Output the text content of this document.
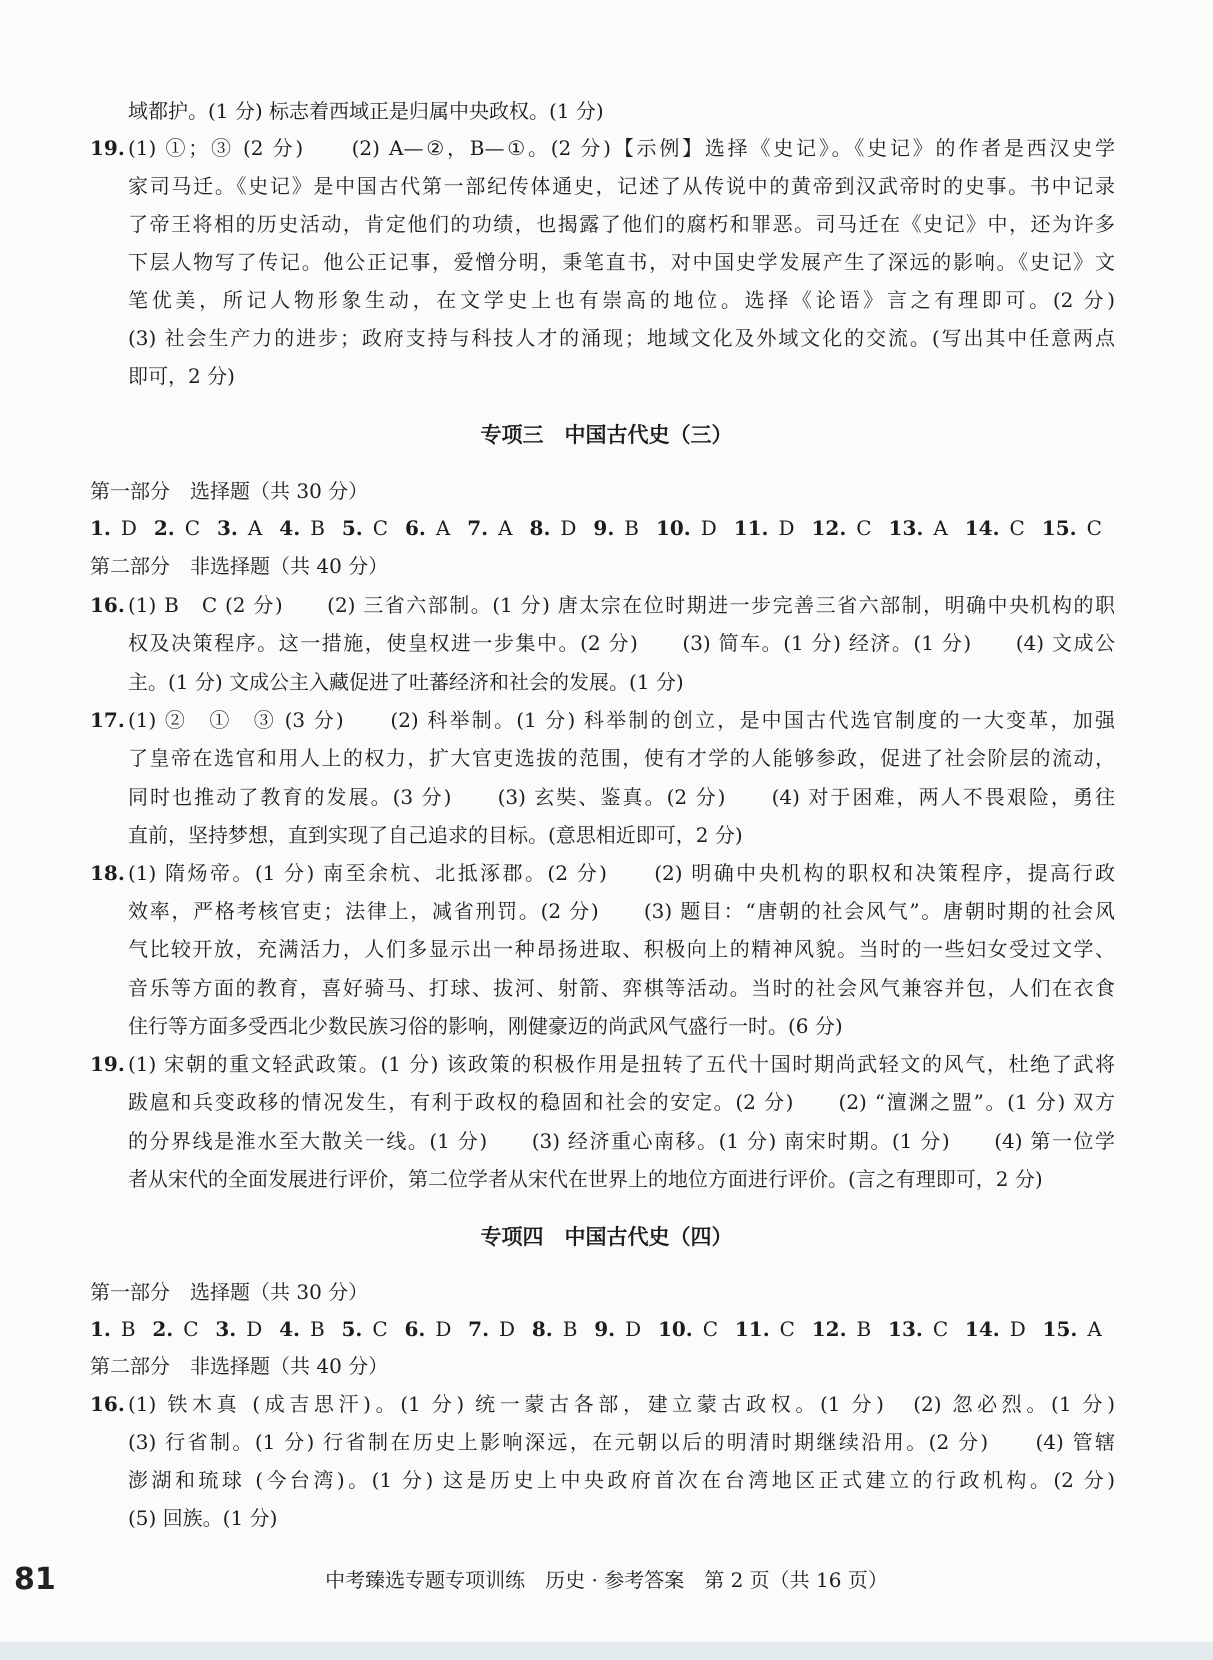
域都护。(1 分) 标志着西域正是归属中央政权。(1 分)
19. (1) ①；③ (2 分)　　(2) A—②，B—①。(2 分)【示例】选择《史记》。《史记》的作者是西汉史学
家司马迁。《史记》是中国古代第一部纪传体通史，记述了从传说中的黄帝到汉武帝时的史事。书中记录
了帝王将相的历史活动，肯定他们的功绩，也揭露了他们的腐朽和罪恶。司马迁在《史记》中，还为许多
下层人物写了传记。他公正记事，爱憎分明，秉笔直书，对中国史学发展产生了深远的影响。《史记》文
笔优美，所记人物形象生动，在文学史上也有崇高的地位。选择《论语》言之有理即可。(2 分)
(3) 社会生产力的进步；政府支持与科技人才的涌现；地域文化及外域文化的交流。(写出其中任意两点
即可，2 分)
专项三　中国古代史（三）
第一部分　选择题（共 30 分）
1. D 2. C 3. A 4. B 5. C 6. A 7. A 8. D 9. B 10. D 11. D 12. C 13. A 14. C 15. C
第二部分　非选择题（共 40 分）
16. (1) B　C (2 分)　　(2) 三省六部制。(1 分) 唐太宗在位时期进一步完善三省六部制，明确中央机构的职
权及决策程序。这一措施，使皇权进一步集中。(2 分)　　(3) 简车。(1 分) 经济。(1 分)　　(4) 文成公
主。(1 分) 文成公主入藏促进了吐蕃经济和社会的发展。(1 分)
17. (1) ②　①　③ (3 分)　　(2) 科举制。(1 分) 科举制的创立，是中国古代选官制度的一大变革，加强
了皇帝在选官和用人上的权力，扩大官吏选拔的范围，使有才学的人能够参政，促进了社会阶层的流动，
同时也推动了教育的发展。(3 分)　　(3) 玄奘、鉴真。(2 分)　　(4) 对于困难，两人不畏艰险，勇往
直前，坚持梦想，直到实现了自己追求的目标。(意思相近即可，2 分)
18. (1) 隋炀帝。(1 分) 南至余杭、北抵涿郡。(2 分)　　(2) 明确中央机构的职权和决策程序，提高行政
效率，严格考核官吏；法律上，减省刑罚。(2 分)　　(3) 题目：“唐朝的社会风气”。唐朝时期的社会风
气比较开放，充满活力，人们多显示出一种昂扬进取、积极向上的精神风貌。当时的一些妇女受过文学、
音乐等方面的教育，喜好骑马、打球、拔河、射箭、弈棋等活动。当时的社会风气兼容并包，人们在衣食
住行等方面多受西北少数民族习俗的影响，刚健豪迈的尚武风气盛行一时。(6 分)
19. (1) 宋朝的重文轻武政策。(1 分) 该政策的积极作用是扭转了五代十国时期尚武轻文的风气，杜绝了武将
跋扈和兵变政移的情况发生，有利于政权的稳固和社会的安定。(2 分)　　(2) “澶渊之盟”。(1 分) 双方
的分界线是淮水至大散关一线。(1 分)　　(3) 经济重心南移。(1 分) 南宋时期。(1 分)　　(4) 第一位学
者从宋代的全面发展进行评价，第二位学者从宋代在世界上的地位方面进行评价。(言之有理即可，2 分)
专项四　中国古代史（四）
第一部分　选择题（共 30 分）
1. B 2. C 3. D 4. B 5. C 6. D 7. D 8. B 9. D 10. C 11. C 12. B 13. C 14. D 15. A
第二部分　非选择题（共 40 分）
16. (1) 铁木真 (成吉思汗)。(1 分) 统一蒙古各部，建立蒙古政权。(1 分)　(2) 忽必烈。(1 分)
(3) 行省制。(1 分) 行省制在历史上影响深远，在元朝以后的明清时期继续沿用。(2 分)　　(4) 管辖
澎湖和琉球 (今台湾)。(1 分) 这是历史上中央政府首次在台湾地区正式建立的行政机构。(2 分)
(5) 回族。(1 分)
81	中考臻选专题专项训练　历史 · 参考答案　第 2 页（共 16 页）
